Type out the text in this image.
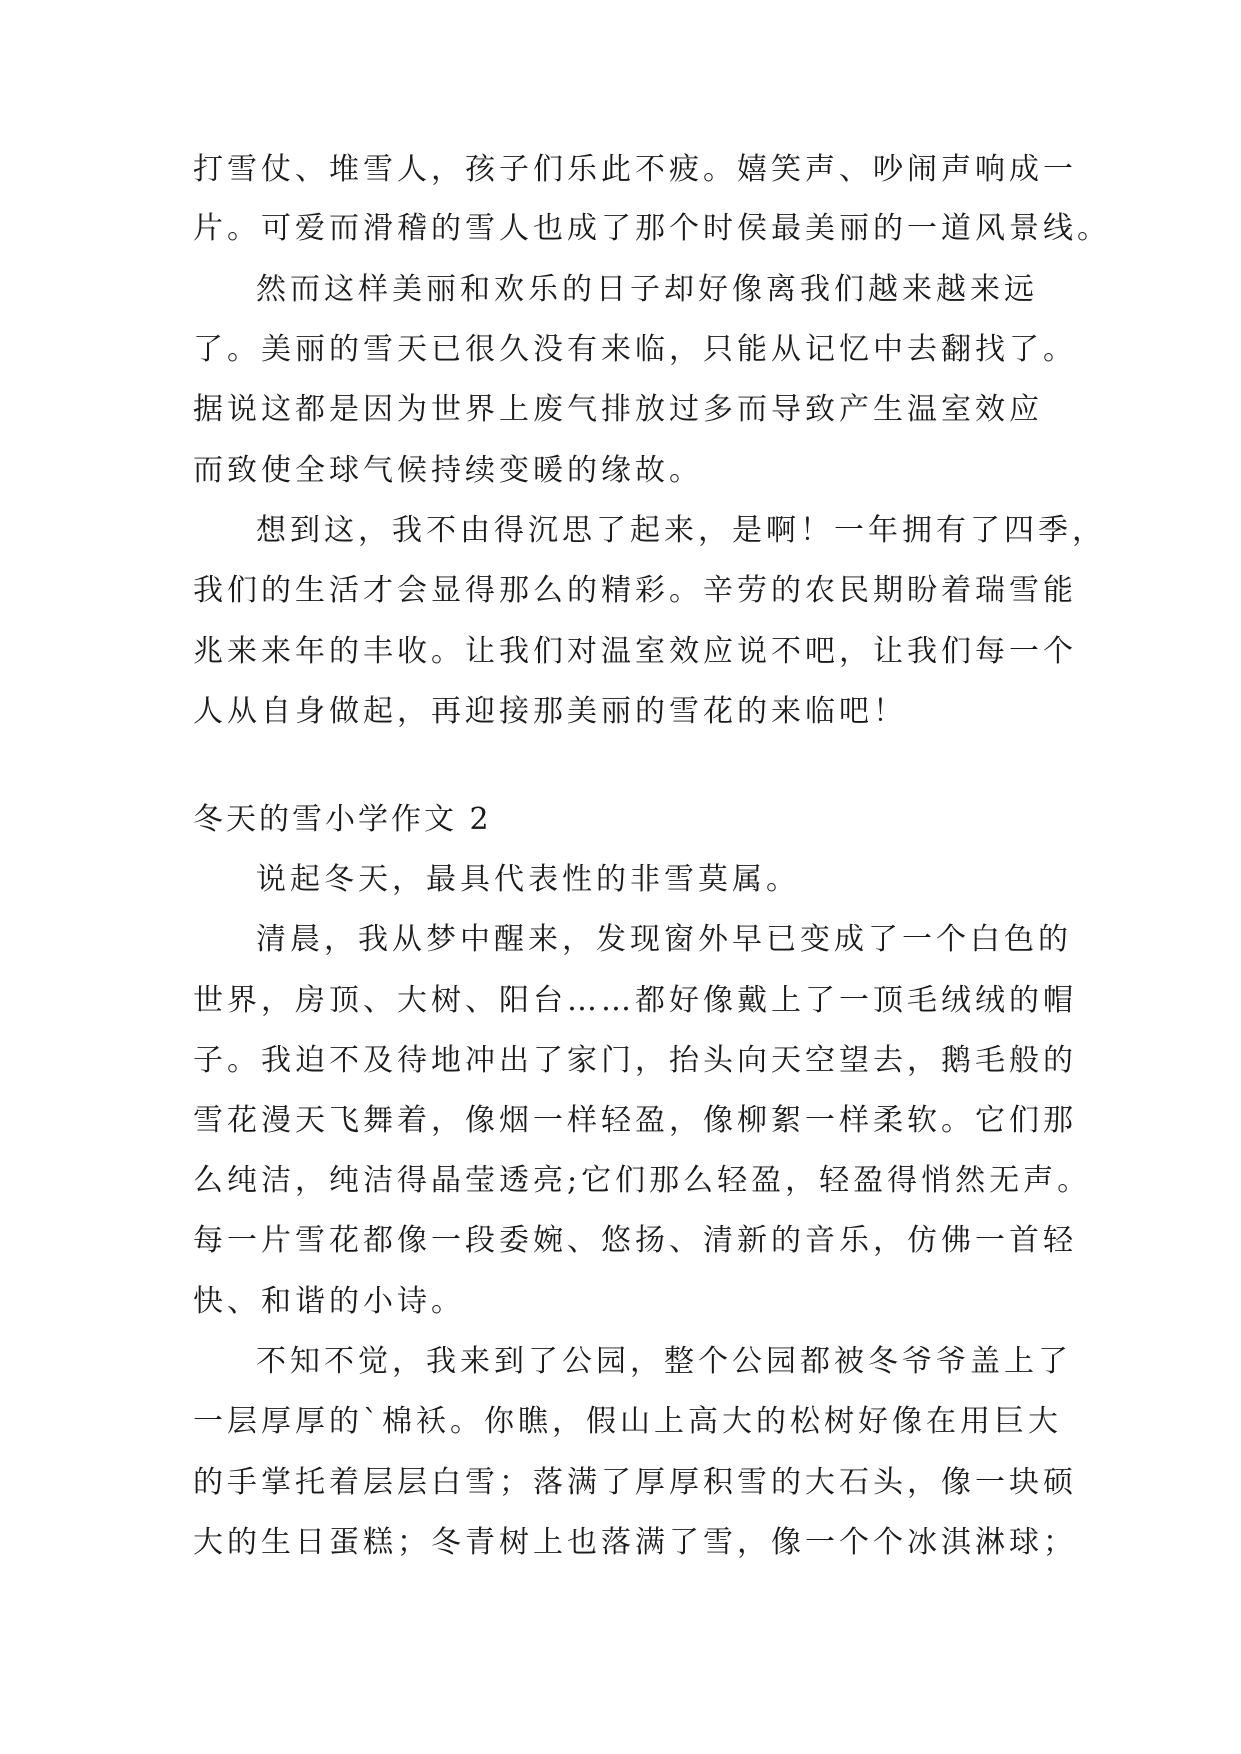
打雪仗、堆雪人，孩子们乐此不疲。嬉笑声、吵闹声响成一
片。可爱而滑稽的雪人也成了那个时侯最美丽的一道风景线。
然而这样美丽和欢乐的日子却好像离我们越来越来远
了。美丽的雪天已很久没有来临，只能从记忆中去翻找了。
据说这都是因为世界上废气排放过多而导致产生温室效应
而致使全球气候持续变暖的缘故。
想到这，我不由得沉思了起来，是啊！一年拥有了四季，
我们的生活才会显得那么的精彩。辛劳的农民期盼着瑞雪能
兆来来年的丰收。让我们对温室效应说不吧，让我们每一个
人从自身做起，再迎接那美丽的雪花的来临吧！
冬天的雪小学作文 2
说起冬天，最具代表性的非雪莫属。
清晨，我从梦中醒来，发现窗外早已变成了一个白色的
世界，房顶、大树、阳台……都好像戴上了一顶毛绒绒的帽
子。我迫不及待地冲出了家门，抬头向天空望去，鹅毛般的
雪花漫天飞舞着，像烟一样轻盈，像柳絮一样柔软。它们那
么纯洁，纯洁得晶莹透亮;它们那么轻盈，轻盈得悄然无声。
每一片雪花都像一段委婉、悠扬、清新的音乐，仿佛一首轻
快、和谐的小诗。
不知不觉，我来到了公园，整个公园都被冬爷爷盖上了
一层厚厚的`棉袄。你瞧，假山上高大的松树好像在用巨大
的手掌托着层层白雪；落满了厚厚积雪的大石头，像一块硕
大的生日蛋糕；冬青树上也落满了雪，像一个个冰淇淋球；
